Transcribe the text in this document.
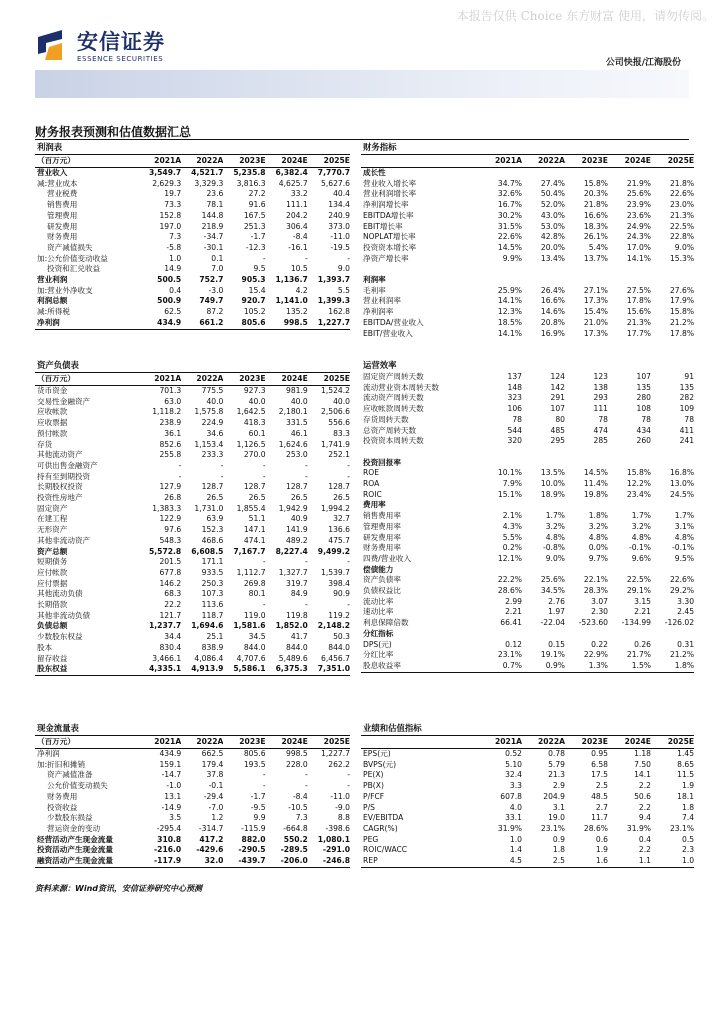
本报告仅供 Choice 东方财富 使用，请勿传阅。
安信证券
ESSENCE SECURITIES	公司快报/江海股份
财务报表预测和估值数据汇总
利润表					
（百万元）	2021A	2022A	2023E	2024E	2025E
营业收入	3,549.7	4,521.7	5,235.8	6,382.4	7,770.7
减:营业成本	2,629.3	3,329.3	3,816.3	4,625.7	5,627.6
营业税费	19.7	23.6	27.2	33.2	40.4
销售费用	73.3	78.1	91.6	111.1	134.4
管理费用	152.8	144.8	167.5	204.2	240.9
研发费用	197.0	218.9	251.3	306.4	373.0
财务费用	7.3	-34.7	-1.7	-8.4	-11.0
资产减值损失	-5.8	-30.1	-12.3	-16.1	-19.5
加:公允价值变动收益	1.0	0.1	-	-	-
投资和汇兑收益	14.9	7.0	9.5	10.5	9.0
营业利润	500.5	752.7	905.3	1,136.7	1,393.7
加:营业外净收支	0.4	-3.0	15.4	4.2	5.5
利润总额	500.9	749.7	920.7	1,141.0	1,399.3
减:所得税	62.5	87.2	105.2	135.2	162.8
净利润	434.9	661.2	805.6	998.5	1,227.7

财务指标					
	2021A	2022A	2023E	2024E	2025E
成长性					
营业收入增长率	34.7%	27.4%	15.8%	21.9%	21.8%
营业利润增长率	32.6%	50.4%	20.3%	25.6%	22.6%
净利润增长率	16.7%	52.0%	21.8%	23.9%	23.0%
EBITDA增长率	30.2%	43.0%	16.6%	23.6%	21.3%
EBIT增长率	31.5%	53.0%	18.3%	24.9%	22.5%
NOPLAT增长率	22.6%	42.8%	26.1%	24.3%	22.8%
投资资本增长率	14.5%	20.0%	5.4%	17.0%	9.0%
净资产增长率	9.9%	13.4%	13.7%	14.1%	15.3%

利润率					
毛利率	25.9%	26.4%	27.1%	27.5%	27.6%
营业利润率	14.1%	16.6%	17.3%	17.8%	17.9%
净利润率	12.3%	14.6%	15.4%	15.6%	15.8%
EBITDA/营业收入	18.5%	20.8%	21.0%	21.3%	21.2%
EBIT/营业收入	14.1%	16.9%	17.3%	17.7%	17.8%
资产负债表					
（百万元）	2021A	2022A	2023E	2024E	2025E
货币资金	701.3	775.5	927.3	981.9	1,524.2
交易性金融资产	63.0	40.0	40.0	40.0	40.0
应收帐款	1,118.2	1,575.8	1,642.5	2,180.1	2,506.6
应收票据	238.9	224.9	418.3	331.5	556.6
预付帐款	36.1	34.6	60.1	46.1	83.3
存货	852.6	1,153.4	1,126.5	1,624.6	1,741.9
其他流动资产	255.8	233.3	270.0	253.0	252.1
可供出售金融资产	-	-	-	-	-
持有至到期投资	-	-	-	-	-
长期股权投资	127.9	128.7	128.7	128.7	128.7
投资性房地产	26.8	26.5	26.5	26.5	26.5
固定资产	1,383.3	1,731.0	1,855.4	1,942.9	1,994.2
在建工程	122.9	63.9	51.1	40.9	32.7
无形资产	97.6	152.3	147.1	141.9	136.6
其他非流动资产	548.3	468.6	474.1	489.2	475.7
资产总额	5,572.8	6,608.5	7,167.7	8,227.4	9,499.2
短期债务	201.5	171.1	-	-	-
应付帐款	677.8	933.5	1,112.7	1,327.7	1,539.7
应付票据	146.2	250.3	269.8	319.7	398.4
其他流动负债	68.3	107.3	80.1	84.9	90.9
长期借款	22.2	113.6	-	-	-
其他非流动负债	121.7	118.7	119.0	119.8	119.2
负债总额	1,237.7	1,694.6	1,581.6	1,852.0	2,148.2
少数股东权益	34.4	25.1	34.5	41.7	50.3
股本	830.4	838.9	844.0	844.0	844.0
留存收益	3,466.1	4,086.4	4,707.6	5,489.6	6,456.7
股东权益	4,335.1	4,913.9	5,586.1	6,375.3	7,351.0
运营效率					
固定资产周转天数	137	124	123	107	91
流动营业资本周转天数	148	142	138	135	135
流动资产周转天数	323	291	293	280	282
应收帐款周转天数	106	107	111	108	109
存货周转天数	78	80	78	78	78
总资产周转天数	544	485	474	434	411
投资资本周转天数	320	295	285	260	241

投资回报率					
ROE	10.1%	13.5%	14.5%	15.8%	16.8%
ROA	7.9%	10.0%	11.4%	12.2%	13.0%
ROIC	15.1%	18.9%	19.8%	23.4%	24.5%
费用率					
销售费用率	2.1%	1.7%	1.8%	1.7%	1.7%
管理费用率	4.3%	3.2%	3.2%	3.2%	3.1%
研发费用率	5.5%	4.8%	4.8%	4.8%	4.8%
财务费用率	0.2%	-0.8%	0.0%	-0.1%	-0.1%
四费/营业收入	12.1%	9.0%	9.7%	9.6%	9.5%
偿债能力					
资产负债率	22.2%	25.6%	22.1%	22.5%	22.6%
负债权益比	28.6%	34.5%	28.3%	29.1%	29.2%
流动比率	2.99	2.76	3.07	3.15	3.30
速动比率	2.21	1.97	2.30	2.21	2.45
利息保障倍数	66.41	-22.04	-523.60	-134.99	-126.02
分红指标					
DPS(元)	0.12	0.15	0.22	0.26	0.31
分红比率	23.1%	19.1%	22.9%	21.7%	21.2%
股息收益率	0.7%	0.9%	1.3%	1.5%	1.8%
现金流量表					
（百万元）	2021A	2022A	2023E	2024E	2025E
净利润	434.9	662.5	805.6	998.5	1,227.7
加:折旧和摊销	159.1	179.4	193.5	228.0	262.2
资产减值准备	-14.7	37.8	-	-	-
公允价值变动损失	-1.0	-0.1	-	-	-
财务费用	13.1	-29.4	-1.7	-8.4	-11.0
投资收益	-14.9	-7.0	-9.5	-10.5	-9.0
少数股东损益	3.5	1.2	9.9	7.3	8.8
营运资金的变动	-295.4	-314.7	-115.9	-664.8	-398.6
经营活动产生现金流量	310.8	417.2	882.0	550.2	1,080.1
投资活动产生现金流量	-216.0	-429.6	-290.5	-289.5	-291.0
融资活动产生现金流量	-117.9	32.0	-439.7	-206.0	-246.8
业绩和估值指标					
	2021A	2022A	2023E	2024E	2025E
EPS(元)	0.52	0.78	0.95	1.18	1.45
BVPS(元)	5.10	5.79	6.58	7.50	8.65
PE(X)	32.4	21.3	17.5	14.1	11.5
PB(X)	3.3	2.9	2.5	2.2	1.9
P/FCF	607.8	204.9	48.5	50.6	18.1
P/S	4.0	3.1	2.7	2.2	1.8
EV/EBITDA	33.1	19.0	11.7	9.4	7.4
CAGR(%)	31.9%	23.1%	28.6%	31.9%	23.1%
PEG	1.0	0.9	0.6	0.4	0.5
ROIC/WACC	1.4	1.8	1.9	2.2	2.3
REP	4.5	2.5	1.6	1.1	1.0
资料来源：Wind资讯，安信证券研究中心预测
